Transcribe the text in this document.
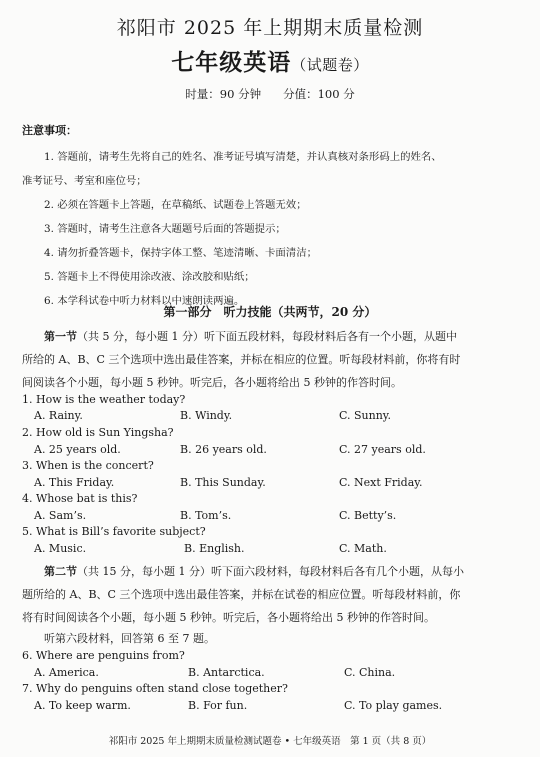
祁阳市 2025 年上期期末质量检测
七年级英语（试题卷）
时量：90 分钟 分值：100 分
注意事项：
1. 答题前，请考生先将自己的姓名、准考证号填写清楚，并认真核对条形码上的姓名、
准考证号、考室和座位号；
2. 必须在答题卡上答题，在草稿纸、试题卷上答题无效；
3. 答题时，请考生注意各大题题号后面的答题提示；
4. 请勿折叠答题卡，保持字体工整、笔迹清晰、卡面清洁；
5. 答题卡上不得使用涂改液、涂改胶和贴纸；
6. 本学科试卷中听力材料以中速朗读两遍。
第一部分　听力技能（共两节，20 分）
第一节（共 5 分，每小题 1 分）听下面五段材料，每段材料后各有一个小题，从题中
所给的 A、B、C 三个选项中选出最佳答案，并标在相应的位置。听每段材料前，你将有时
间阅读各个小题，每小题 5 秒钟。听完后，各小题将给出 5 秒钟的作答时间。
1. How is the weather today?
A. Rainy.	B. Windy.	C. Sunny.
2. How old is Sun Yingsha?
A. 25 years old.	B. 26 years old.	C. 27 years old.
3. When is the concert?
A. This Friday.	B. This Sunday.	C. Next Friday.
4. Whose bat is this?
A. Sam’s.	B. Tom’s.	C. Betty’s.
5. What is Bill’s favorite subject?
A. Music.	B. English.	C. Math.
第二节（共 15 分，每小题 1 分）听下面六段材料，每段材料后各有几个小题，从每小
题所给的 A、B、C 三个选项中选出最佳答案，并标在试卷的相应位置。听每段材料前，你
将有时间阅读各个小题，每小题 5 秒钟。听完后，各小题将给出 5 秒钟的作答时间。
听第六段材料，回答第 6 至 7 题。
6. Where are penguins from?
A. America.	B. Antarctica.	C. China.
7. Why do penguins often stand close together?
A. To keep warm.	B. For fun.	C. To play games.
祁阳市 2025 年上期期末质量检测试题卷 • 七年级英语　第 1 页（共 8 页）
